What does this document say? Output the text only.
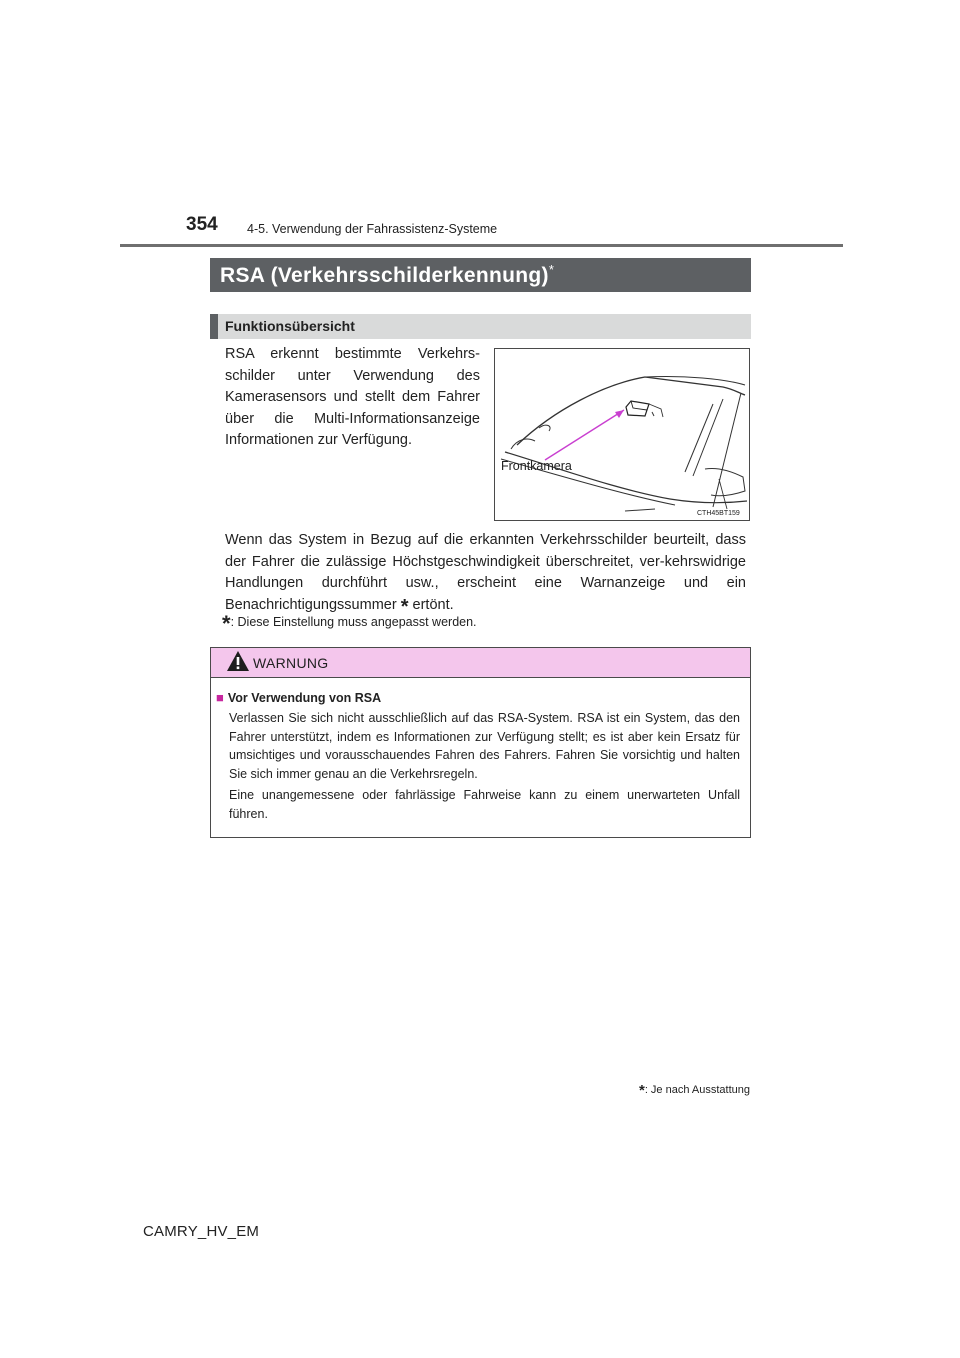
354 4-5. Verwendung der Fahrassistenz-Systeme
RSA (Verkehrsschilderkennung)*
Funktionsübersicht
RSA erkennt bestimmte Verkehrs-schilder unter Verwendung des Kamerasensors und stellt dem Fahrer über die Multi-Informationsanzeige Informationen zur Verfügung.
Frontkamera
CTH45BT159
Wenn das System in Bezug auf die erkannten Verkehrsschilder beurteilt, dass der Fahrer die zulässige Höchstgeschwindigkeit überschreitet, ver-kehrswidrige Handlungen durchführt usw., erscheint eine Warnanzeige und ein Benachrichtigungssummer * ertönt.
*: Diese Einstellung muss angepasst werden.
WARNUNG
■ Vor Verwendung von RSA
Verlassen Sie sich nicht ausschließlich auf das RSA-System. RSA ist ein System, das den Fahrer unterstützt, indem es Informationen zur Verfügung stellt; es ist aber kein Ersatz für umsichtiges und vorausschauendes Fahren des Fahrers. Fahren Sie vorsichtig und halten Sie sich immer genau an die Verkehrsregeln.
Eine unangemessene oder fahrlässige Fahrweise kann zu einem unerwarteten Unfall führen.
*: Je nach Ausstattung
CAMRY_HV_EM
